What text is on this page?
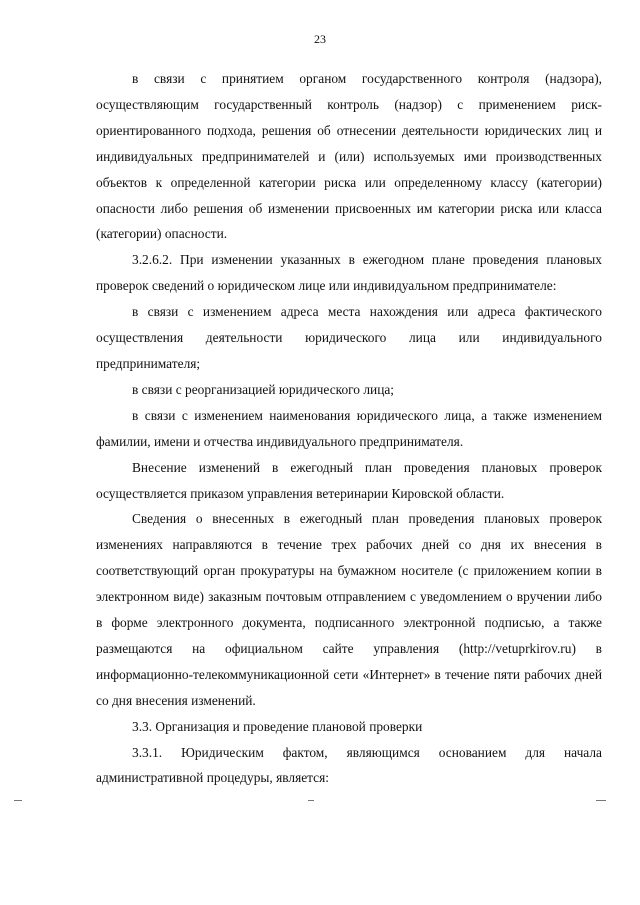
23

в связи с принятием органом государственного контроля (надзора), осуществляющим государственный контроль (надзор) с применением риск-ориентированного подхода, решения об отнесении деятельности юридических лиц и индивидуальных предпринимателей и (или) используемых ими производственных объектов к определенной категории риска или определенному классу (категории) опасности либо решения об изменении присвоенных им категории риска или класса (категории) опасности.

3.2.6.2. При изменении указанных в ежегодном плане проведения плановых проверок сведений о юридическом лице или индивидуальном предпринимателе:

в связи с изменением адреса места нахождения или адреса фактического осуществления деятельности юридического лица или индивидуального предпринимателя;

в связи с реорганизацией юридического лица;

в связи с изменением наименования юридического лица, а также изменением фамилии, имени и отчества индивидуального предпринимателя.

Внесение изменений в ежегодный план проведения плановых проверок осуществляется приказом управления ветеринарии Кировской области.

Сведения о внесенных в ежегодный план проведения плановых проверок изменениях направляются в течение трех рабочих дней со дня их внесения в соответствующий орган прокуратуры на бумажном носителе (с приложением копии в электронном виде) заказным почтовым отправлением с уведомлением о вручении либо в форме электронного документа, подписанного электронной подписью, а также размещаются на официальном сайте управления (http://vetuprkirov.ru) в информационно-телекоммуникационной сети «Интернет» в течение пяти рабочих дней со дня внесения изменений.

3.3. Организация и проведение плановой проверки

3.3.1. Юридическим фактом, являющимся основанием для начала административной процедуры, является:
